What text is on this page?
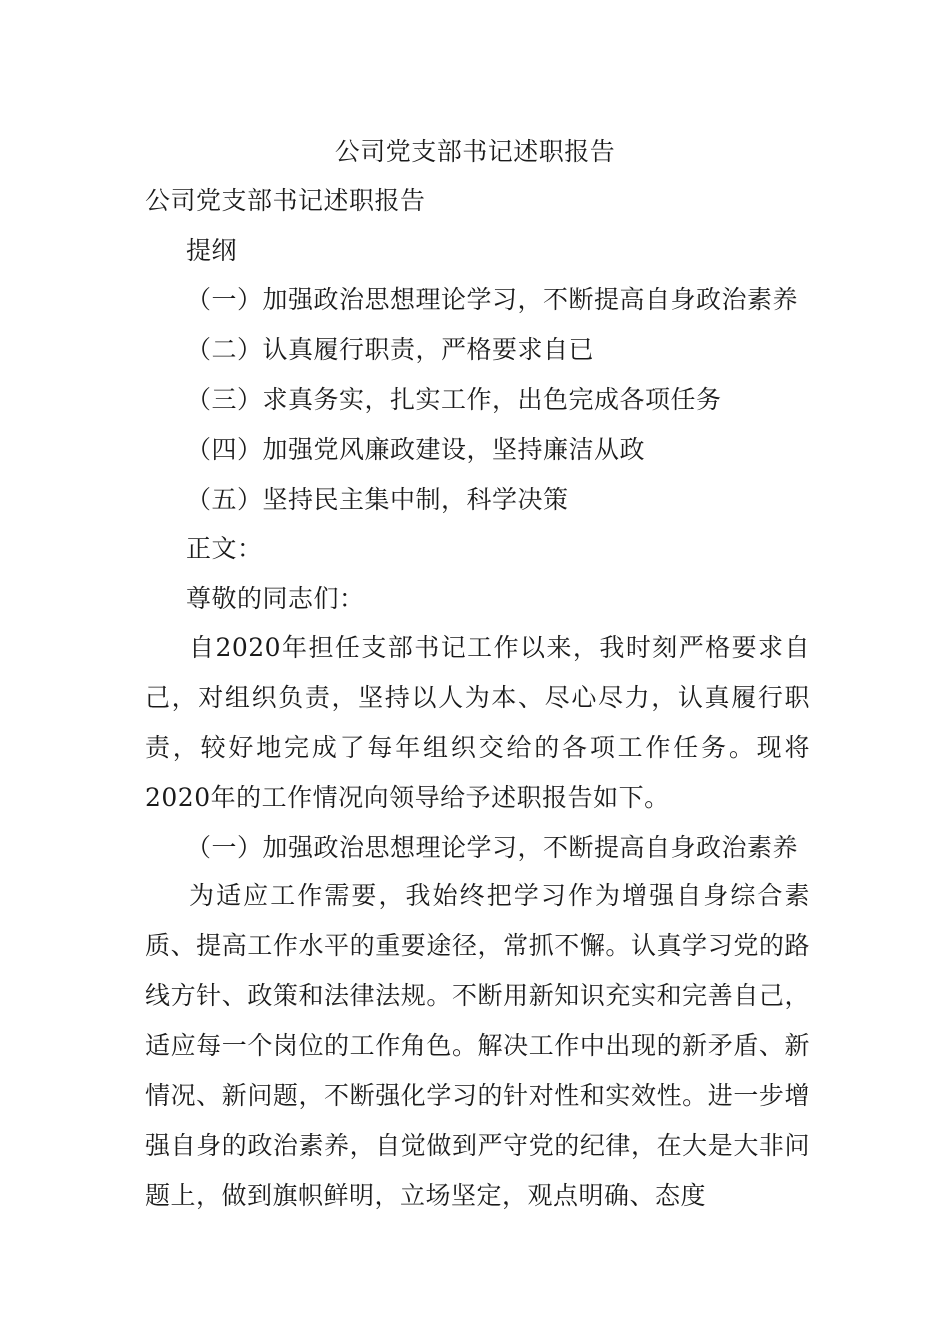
公司党支部书记述职报告
公司党支部书记述职报告
提纲
（一）加强政治思想理论学习，不断提高自身政治素养
（二）认真履行职责，严格要求自已
（三）求真务实，扎实工作，出色完成各项任务
（四）加强党风廉政建设，坚持廉洁从政
（五）坚持民主集中制，科学决策
正文：
尊敬的同志们：
自2020年担任支部书记工作以来，我时刻严格要求自己，对组织负责，坚持以人为本、尽心尽力，认真履行职责，较好地完成了每年组织交给的各项工作任务。现将2020年的工作情况向领导给予述职报告如下。
（一）加强政治思想理论学习，不断提高自身政治素养
为适应工作需要，我始终把学习作为增强自身综合素质、提高工作水平的重要途径，常抓不懈。认真学习党的路线方针、政策和法律法规。不断用新知识充实和完善自己，适应每一个岗位的工作角色。解决工作中出现的新矛盾、新情况、新问题，不断强化学习的针对性和实效性。进一步增强自身的政治素养，自觉做到严守党的纪律，在大是大非问题上，做到旗帜鲜明，立场坚定，观点明确、态度
